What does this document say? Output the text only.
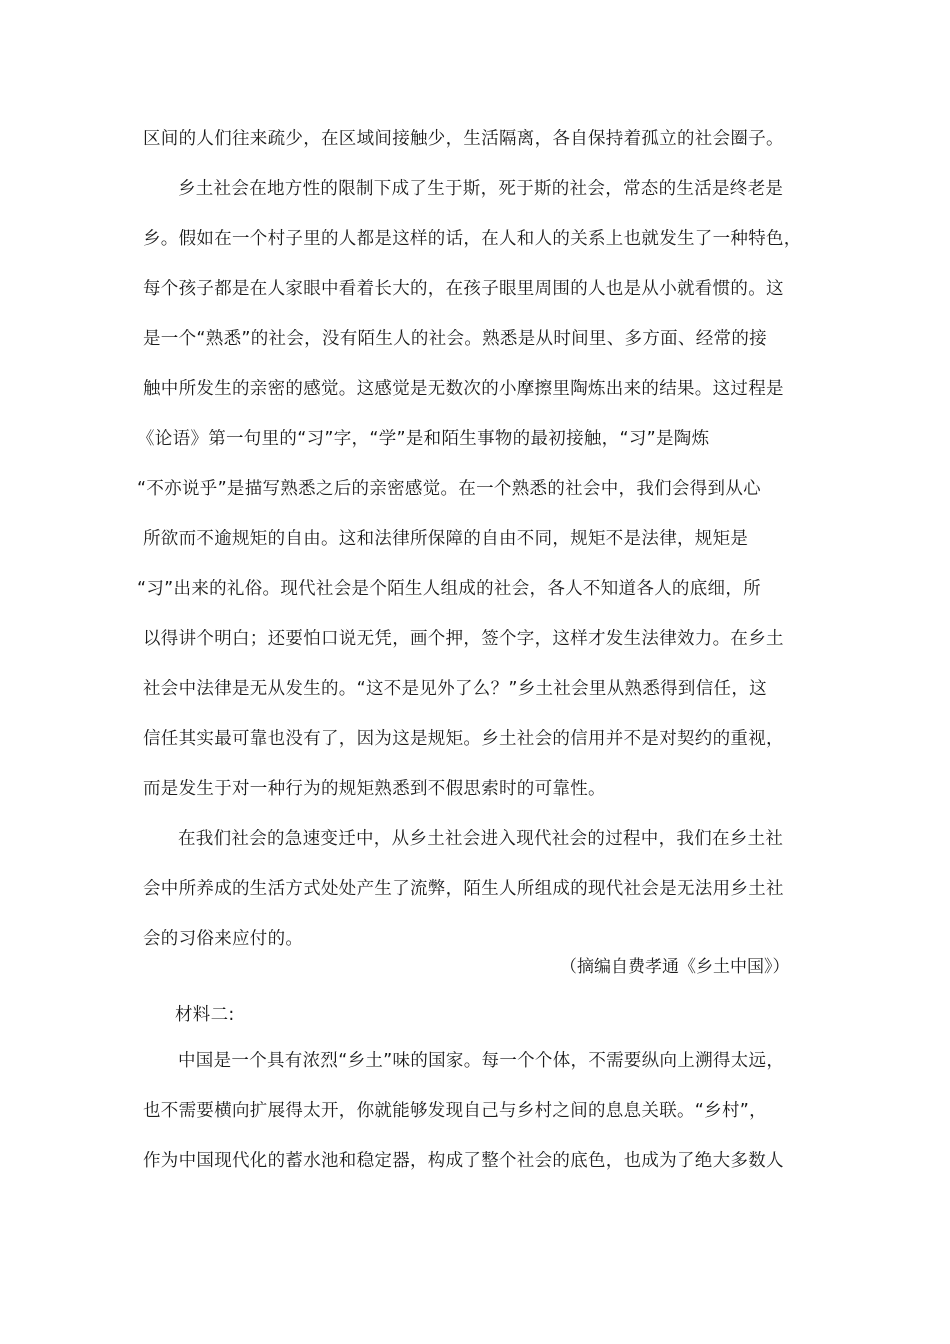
区间的人们往来疏少，在区域间接触少，生活隔离，各自保持着孤立的社会圈子。
乡土社会在地方性的限制下成了生于斯，死于斯的社会，常态的生活是终老是
乡。假如在一个村子里的人都是这样的话，在人和人的关系上也就发生了一种特色，
每个孩子都是在人家眼中看着长大的，在孩子眼里周围的人也是从小就看惯的。这
是一个“熟悉”的社会，没有陌生人的社会。熟悉是从时间里、多方面、经常的接
触中所发生的亲密的感觉。这感觉是无数次的小摩擦里陶炼出来的结果。这过程是
《论语》第一句里的“习”字，“学”是和陌生事物的最初接触，“习”是陶炼
“不亦说乎”是描写熟悉之后的亲密感觉。在一个熟悉的社会中，我们会得到从心
所欲而不逾规矩的自由。这和法律所保障的自由不同，规矩不是法律，规矩是
“习”出来的礼俗。现代社会是个陌生人组成的社会，各人不知道各人的底细，所
以得讲个明白；还要怕口说无凭，画个押，签个字，这样才发生法律效力。在乡土
社会中法律是无从发生的。“这不是见外了么？”乡土社会里从熟悉得到信任，这
信任其实最可靠也没有了，因为这是规矩。乡土社会的信用并不是对契约的重视，
而是发生于对一种行为的规矩熟悉到不假思索时的可靠性。
在我们社会的急速变迁中，从乡土社会进入现代社会的过程中，我们在乡土社
会中所养成的生活方式处处产生了流弊，陌生人所组成的现代社会是无法用乡土社
会的习俗来应付的。
（摘编自费孝通《乡土中国》）
材料二:
中国是一个具有浓烈“乡土”味的国家。每一个个体，不需要纵向上溯得太远，
也不需要横向扩展得太开，你就能够发现自己与乡村之间的息息关联。“乡村”，
作为中国现代化的蓄水池和稳定器，构成了整个社会的底色，也成为了绝大多数人
